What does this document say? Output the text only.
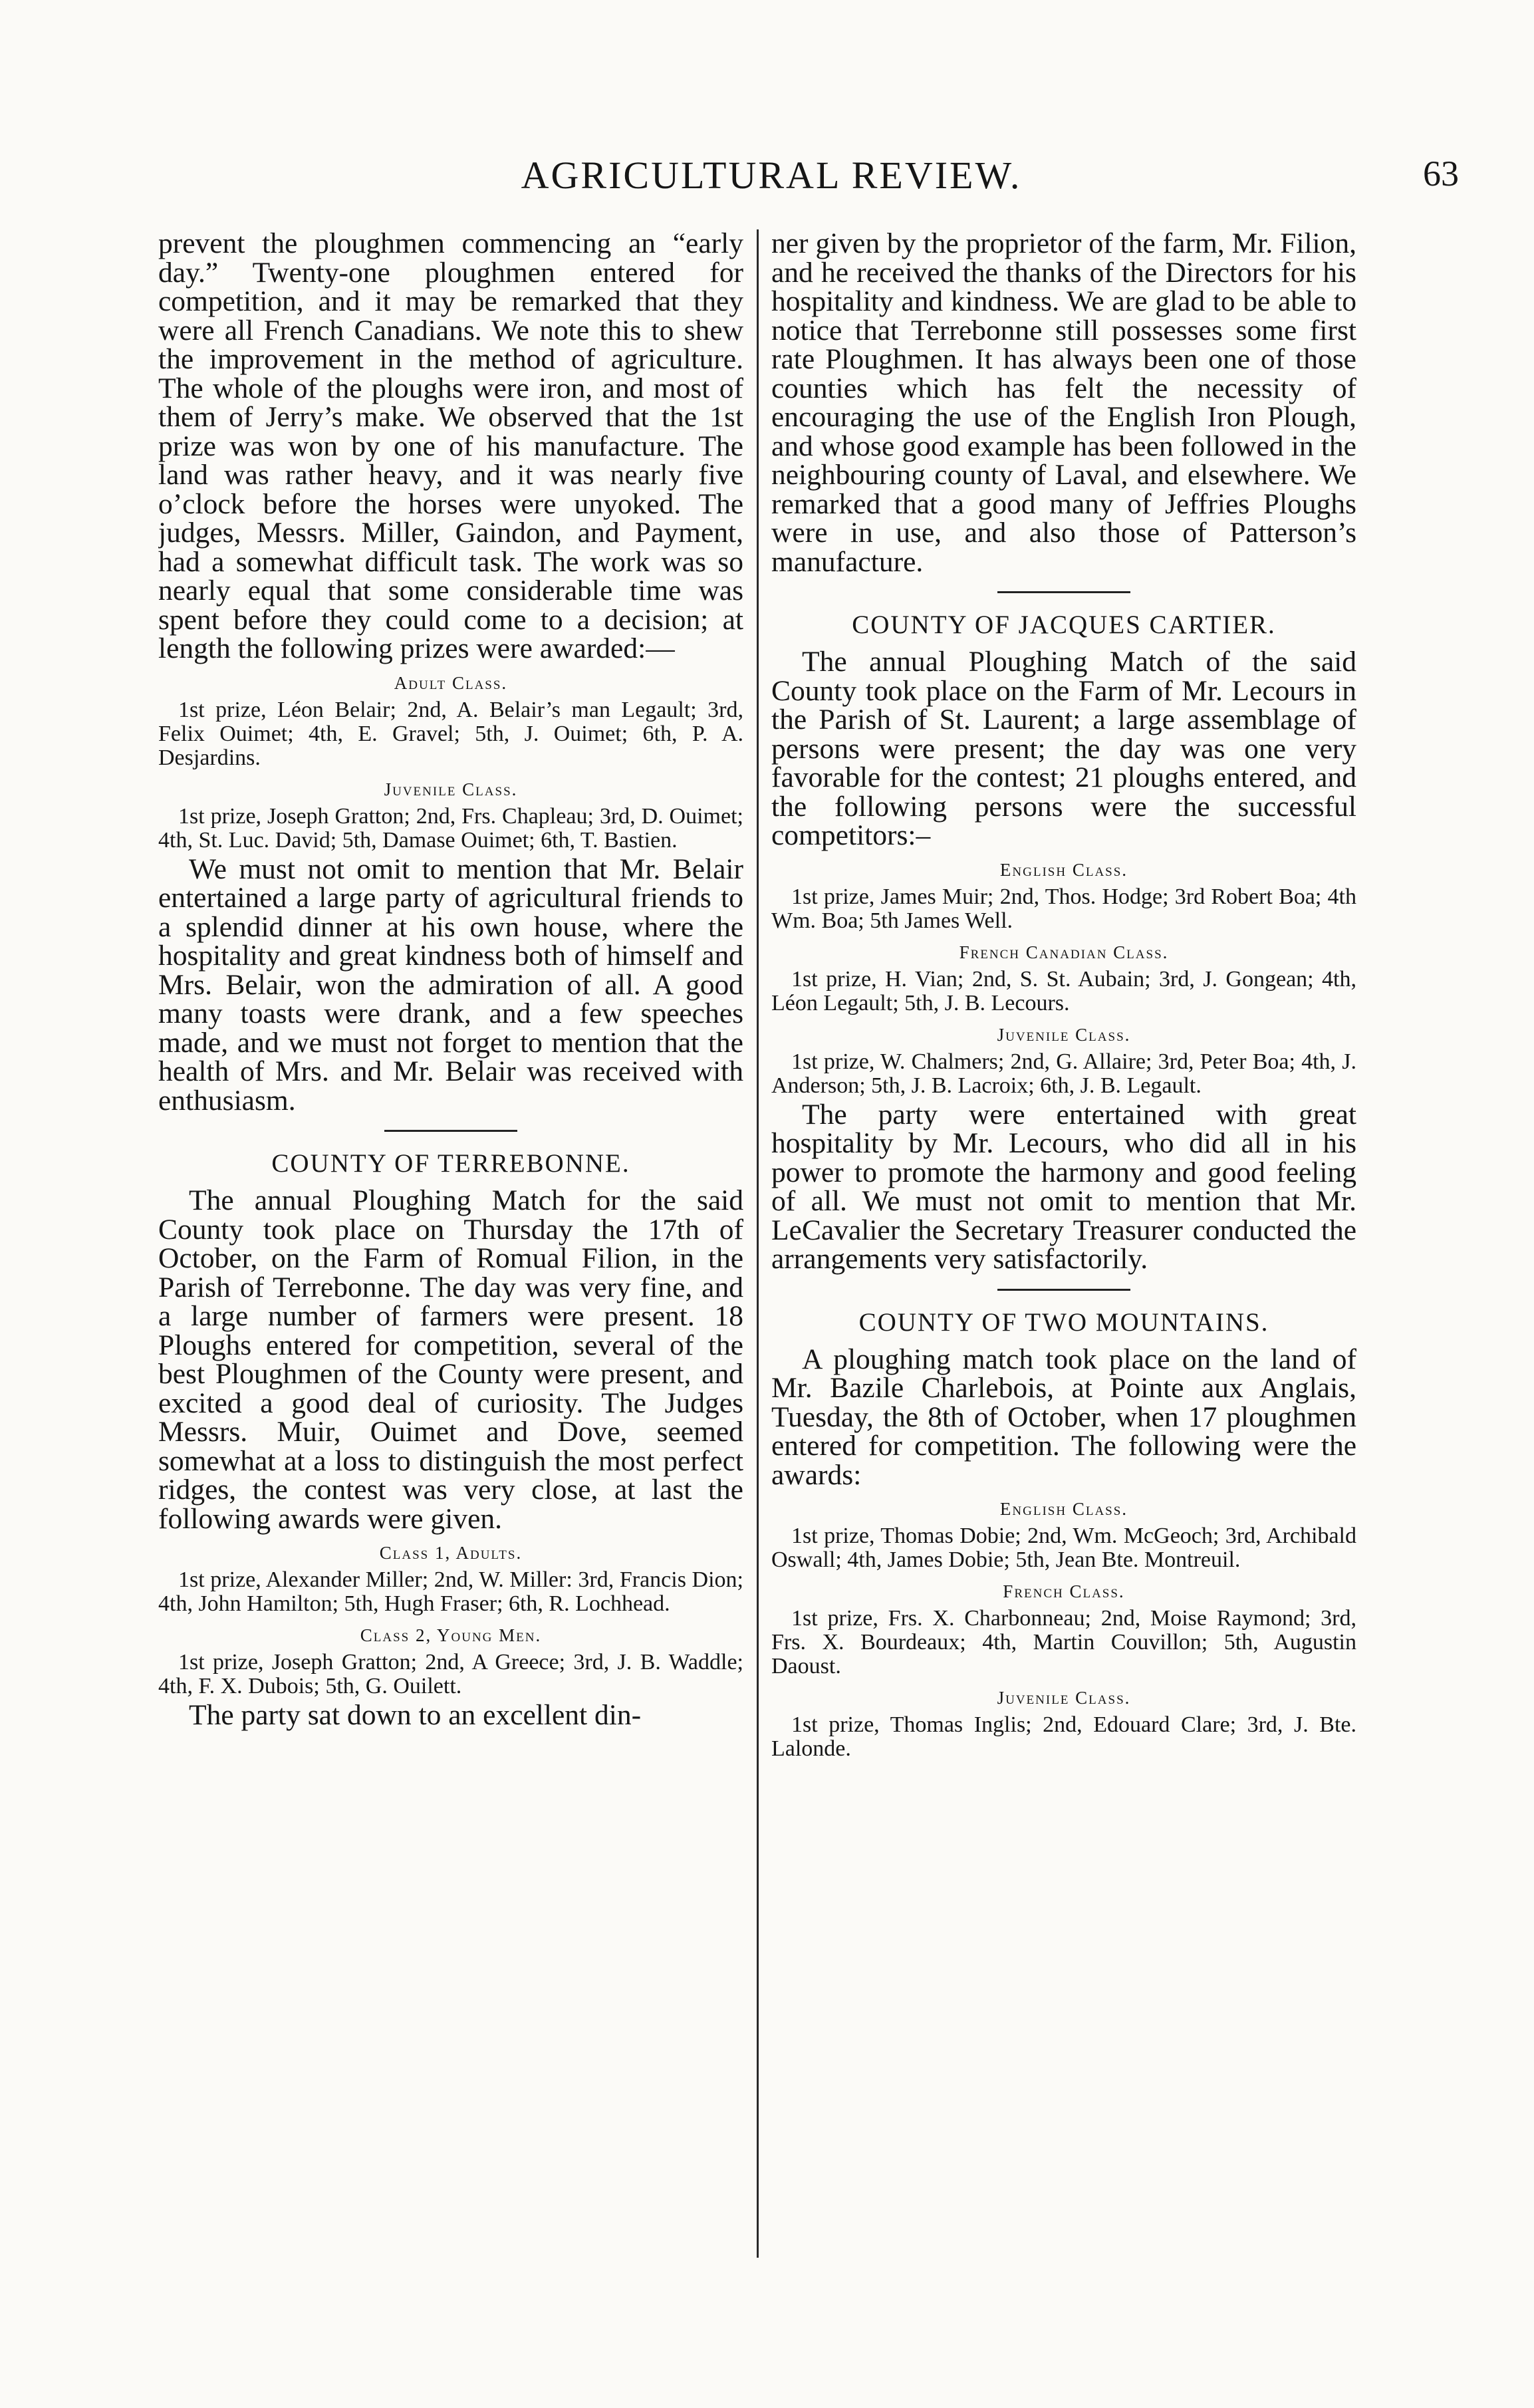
AGRICULTURAL REVIEW.	63

prevent the ploughmen commencing an “early day.” Twenty-one ploughmen entered for competition, and it may be remarked that they were all French Canadians. We note this to shew the improvement in the method of agriculture. The whole of the ploughs were iron, and most of them of Jerry’s make. We observed that the 1st prize was won by one of his manufacture. The land was rather heavy, and it was nearly five o’clock before the horses were unyoked. The judges, Messrs. Miller, Gaindon, and Payment, had a somewhat difficult task. The work was so nearly equal that some considerable time was spent before they could come to a decision; at length the following prizes were awarded:—

Adult Class.

1st prize, Léon Belair; 2nd, A. Belair’s man Legault; 3rd, Felix Ouimet; 4th, E. Gravel; 5th, J. Ouimet; 6th, P. A. Desjardins.

Juvenile Class.

1st prize, Joseph Gratton; 2nd, Frs. Chapleau; 3rd, D. Ouimet; 4th, St. Luc. David; 5th, Damase Ouimet; 6th, T. Bastien.

We must not omit to mention that Mr. Belair entertained a large party of agricultural friends to a splendid dinner at his own house, where the hospitality and great kindness both of himself and Mrs. Belair, won the admiration of all. A good many toasts were drank, and a few speeches made, and we must not forget to mention that the health of Mrs. and Mr. Belair was received with enthusiasm.

COUNTY OF TERREBONNE.

The annual Ploughing Match for the said County took place on Thursday the 17th of October, on the Farm of Romual Filion, in the Parish of Terrebonne. The day was very fine, and a large number of farmers were present. 18 Ploughs entered for competition, several of the best Ploughmen of the County were present, and excited a good deal of curiosity. The Judges Messrs. Muir, Ouimet and Dove, seemed somewhat at a loss to distinguish the most perfect ridges, the contest was very close, at last the following awards were given.

Class 1, Adults.

1st prize, Alexander Miller; 2nd, W. Miller: 3rd, Francis Dion; 4th, John Hamilton; 5th, Hugh Fraser; 6th, R. Lochhead.

Class 2, Young Men.

1st prize, Joseph Gratton; 2nd, A Greece; 3rd, J. B. Waddle; 4th, F. X. Dubois; 5th, G. Ouilett.

The party sat down to an excellent din-

ner given by the proprietor of the farm, Mr. Filion, and he received the thanks of the Directors for his hospitality and kindness. We are glad to be able to notice that Terrebonne still possesses some first rate Ploughmen. It has always been one of those counties which has felt the necessity of encouraging the use of the English Iron Plough, and whose good example has been followed in the neighbouring county of Laval, and elsewhere. We remarked that a good many of Jeffries Ploughs were in use, and also those of Patterson’s manufacture.

COUNTY OF JACQUES CARTIER.

The annual Ploughing Match of the said County took place on the Farm of Mr. Lecours in the Parish of St. Laurent; a large assemblage of persons were present; the day was one very favorable for the contest; 21 ploughs entered, and the following persons were the successful competitors:–

English Class.

1st prize, James Muir; 2nd, Thos. Hodge; 3rd Robert Boa; 4th Wm. Boa; 5th James Well.

French Canadian Class.

1st prize, H. Vian; 2nd, S. St. Aubain; 3rd, J. Gongean; 4th, Léon Legault; 5th, J. B. Lecours.

Juvenile Class.

1st prize, W. Chalmers; 2nd, G. Allaire; 3rd, Peter Boa; 4th, J. Anderson; 5th, J. B. Lacroix; 6th, J. B. Legault.

The party were entertained with great hospitality by Mr. Lecours, who did all in his power to promote the harmony and good feeling of all. We must not omit to mention that Mr. LeCavalier the Secretary Treasurer conducted the arrangements very satisfactorily.

COUNTY OF TWO MOUNTAINS.

A ploughing match took place on the land of Mr. Bazile Charlebois, at Pointe aux Anglais, Tuesday, the 8th of October, when 17 ploughmen entered for competition. The following were the awards:

English Class.

1st prize, Thomas Dobie; 2nd, Wm. McGeoch; 3rd, Archibald Oswall; 4th, James Dobie; 5th, Jean Bte. Montreuil.

French Class.

1st prize, Frs. X. Charbonneau; 2nd, Moise Raymond; 3rd, Frs. X. Bourdeaux; 4th, Martin Couvillon; 5th, Augustin Daoust.

Juvenile Class.

1st prize, Thomas Inglis; 2nd, Edouard Clare; 3rd, J. Bte. Lalonde.
